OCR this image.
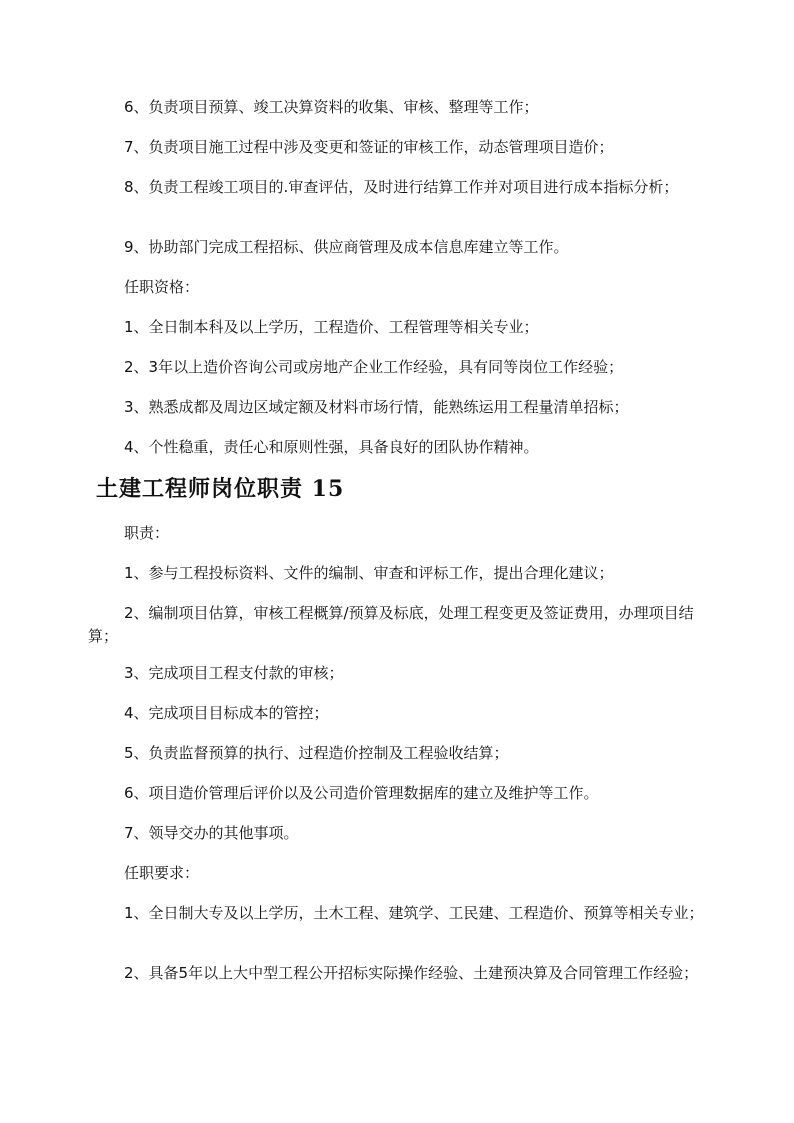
6、负责项目预算、竣工决算资料的收集、审核、整理等工作；

7、负责项目施工过程中涉及变更和签证的审核工作，动态管理项目造价；

8、负责工程竣工项目的.审查评估，及时进行结算工作并对项目进行成本指标分析；

9、协助部门完成工程招标、供应商管理及成本信息库建立等工作。

任职资格：

1、全日制本科及以上学历，工程造价、工程管理等相关专业；

2、3年以上造价咨询公司或房地产企业工作经验，具有同等岗位工作经验；

3、熟悉成都及周边区域定额及材料市场行情，能熟练运用工程量清单招标；

4、个性稳重，责任心和原则性强，具备良好的团队协作精神。

土建工程师岗位职责 15

职责：

1、参与工程投标资料、文件的编制、审查和评标工作，提出合理化建议；

2、编制项目估算，审核工程概算/预算及标底，处理工程变更及签证费用，办理项目结算；

3、完成项目工程支付款的审核；

4、完成项目目标成本的管控；

5、负责监督预算的执行、过程造价控制及工程验收结算；

6、项目造价管理后评价以及公司造价管理数据库的建立及维护等工作。

7、领导交办的其他事项。

任职要求：

1、全日制大专及以上学历，土木工程、建筑学、工民建、工程造价、预算等相关专业；

2、具备5年以上大中型工程公开招标实际操作经验、土建预决算及合同管理工作经验；
